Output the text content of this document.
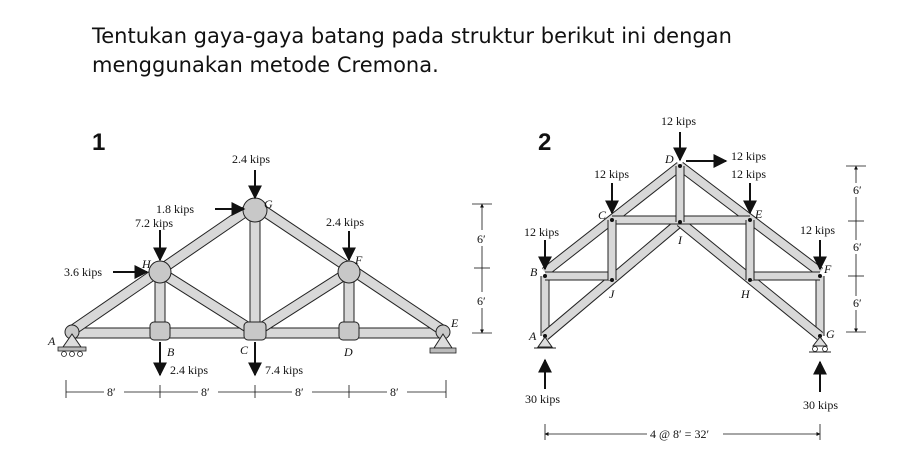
Tentukan gaya-gaya batang pada struktur berikut ini dengan
menggunakan metode Cremona.
1
A
B	C	D
E
F
G
H
2.4 kips
1.8 kips
7.2 kips
3.6 kips
2.4 kips
2.4 kips	7.4 kips
8′	8′	8′	8′
6′
6′
2
A
B
C
D
E
F
G
H
I
J
12 kips
12 kips
12 kips	12 kips
12 kips	12 kips
30 kips	30 kips
4 @ 8′ = 32′
6′
6′
6′
